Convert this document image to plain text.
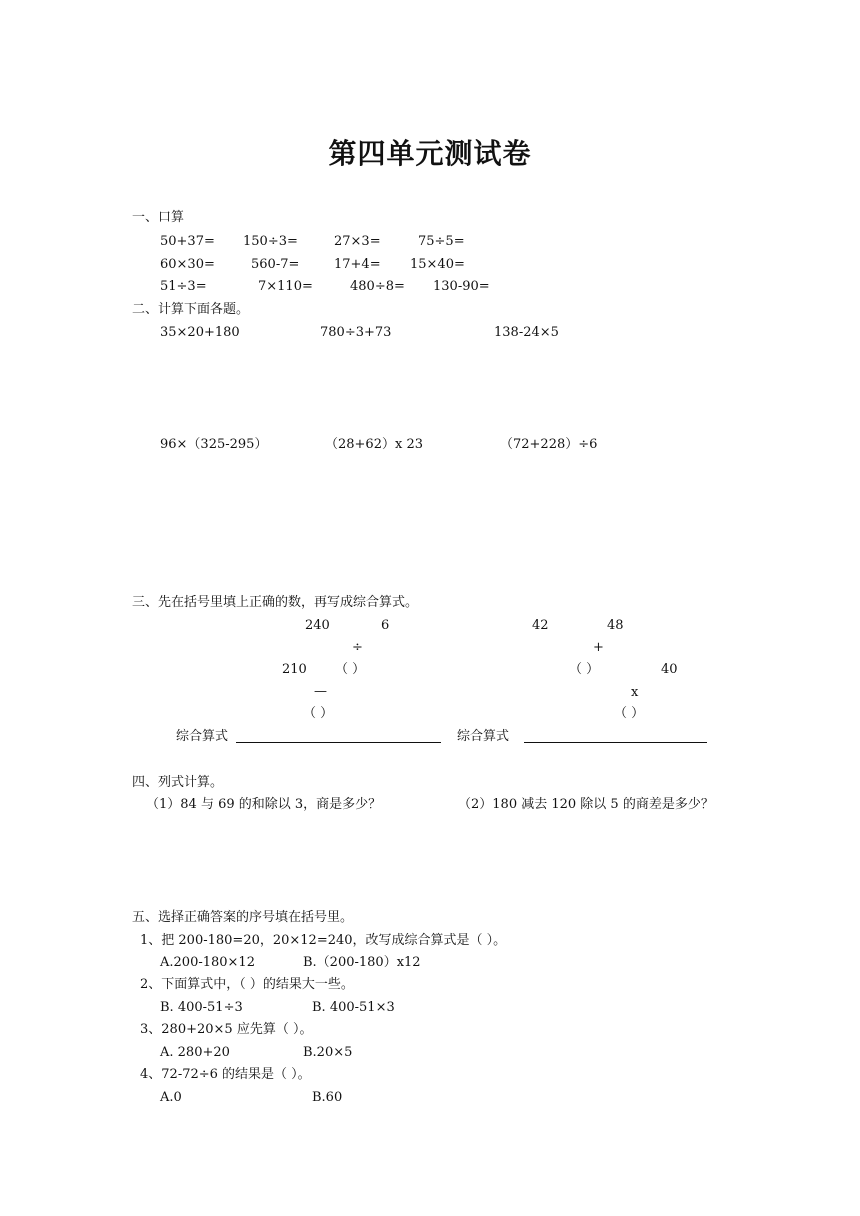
第四单元测试卷
一、口算
50+37= 150÷3=	27×3=	75÷5=
60×30=	560-7=	17+4= 15×40=
51÷3=	7×110=	480÷8= 130-90=
二、计算下面各题。
35×20+180	780÷3+73	138-24×5
96×（325-295）	（28+62）x 23	（72+228）÷6
三、先在括号里填上正确的数，再写成综合算式。
240	6
÷
210 （ ）
—
（ ）
42	48
+
（ ）	40
x
（ ）
综合算式	综合算式
四、列式计算。
（1）84 与 69 的和除以 3，商是多少？	（2）180 减去 120 除以 5 的商差是多少？
五、选择正确答案的序号填在括号里。
1、把 200-180=20，20×12=240，改写成综合算式是（ ）。
A.200-180×12	B.（200-180）x12
2、下面算式中，（ ）的结果大一些。
B. 400-51÷3	B. 400-51×3
3、280+20×5 应先算（ ）。
A. 280+20	B.20×5
4、72-72÷6 的结果是（ ）。
A.0	B.60
